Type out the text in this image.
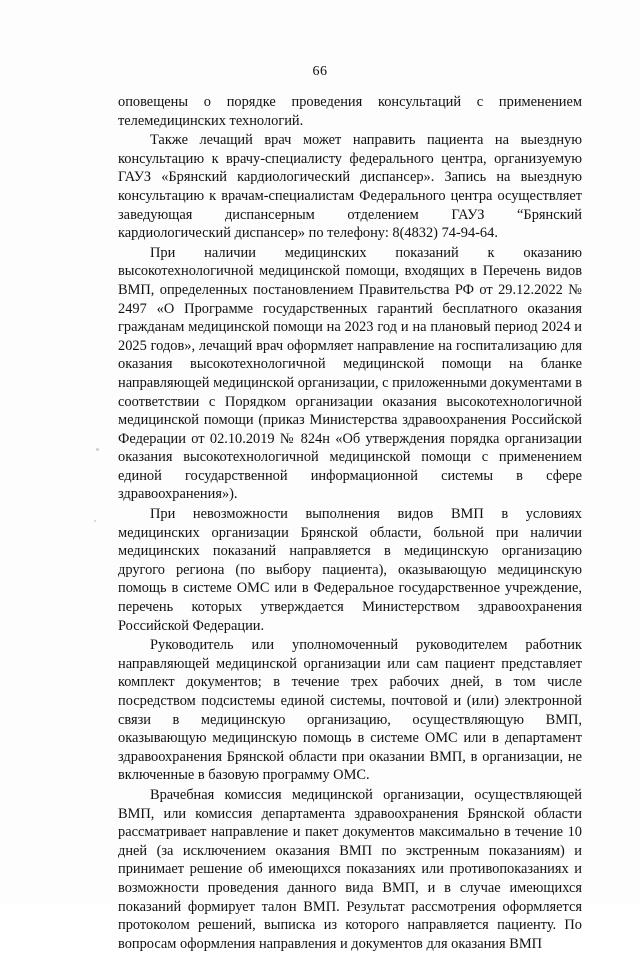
66

оповещены о порядке проведения консультаций с применением телемедицинских технологий.

Также лечащий врач может направить пациента на выездную консультацию к врачу-специалисту федерального центра, организуемую ГАУЗ «Брянский кардиологический диспансер». Запись на выездную консультацию к врачам-специалистам Федерального центра осуществляет заведующая диспансерным отделением ГАУЗ “Брянский кардиологический диспансер» по телефону: 8(4832) 74-94-64.

При наличии медицинских показаний к оказанию высокотехнологичной медицинской помощи, входящих в Перечень видов ВМП, определенных постановлением Правительства РФ от 29.12.2022 № 2497 «О Программе государственных гарантий бесплатного оказания гражданам медицинской помощи на 2023 год и на плановый период 2024 и 2025 годов», лечащий врач оформляет направление на госпитализацию для оказания высокотехнологичной медицинской помощи на бланке направляющей медицинской организации, с приложенными документами в соответствии с Порядком организации оказания высокотехнологичной медицинской помощи (приказ Министерства здравоохранения Российской Федерации от 02.10.2019 № 824н «Об утверждения порядка организации оказания высокотехнологичной медицинской помощи с применением единой государственной информационной системы в сфере здравоохранения»).

При невозможности выполнения видов ВМП в условиях медицинских организации Брянской области, больной при наличии медицинских показаний направляется в медицинскую организацию другого региона (по выбору пациента), оказывающую медицинскую помощь в системе ОМС или в Федеральное государственное учреждение, перечень которых утверждается Министерством здравоохранения Российской Федерации.

Руководитель или уполномоченный руководителем работник направляющей медицинской организации или сам пациент представляет комплект документов; в течение трех рабочих дней, в том числе посредством подсистемы единой системы, почтовой и (или) электронной связи в медицинскую организацию, осуществляющую ВМП, оказывающую медицинскую помощь в системе ОМС или в департамент здравоохранения Брянской области при оказании ВМП, в организации, не включенные в базовую программу ОМС.

Врачебная комиссия медицинской организации, осуществляющей ВМП, или комиссия департамента здравоохранения Брянской области рассматривает направление и пакет документов максимально в течение 10 дней (за исключением оказания ВМП по экстренным показаниям) и принимает решение об имеющихся показаниях или противопоказаниях и возможности проведения данного вида ВМП, и в случае имеющихся показаний формирует талон ВМП. Результат рассмотрения оформляется протоколом решений, выписка из которого направляется пациенту. По вопросам оформления направления и документов для оказания ВМП
